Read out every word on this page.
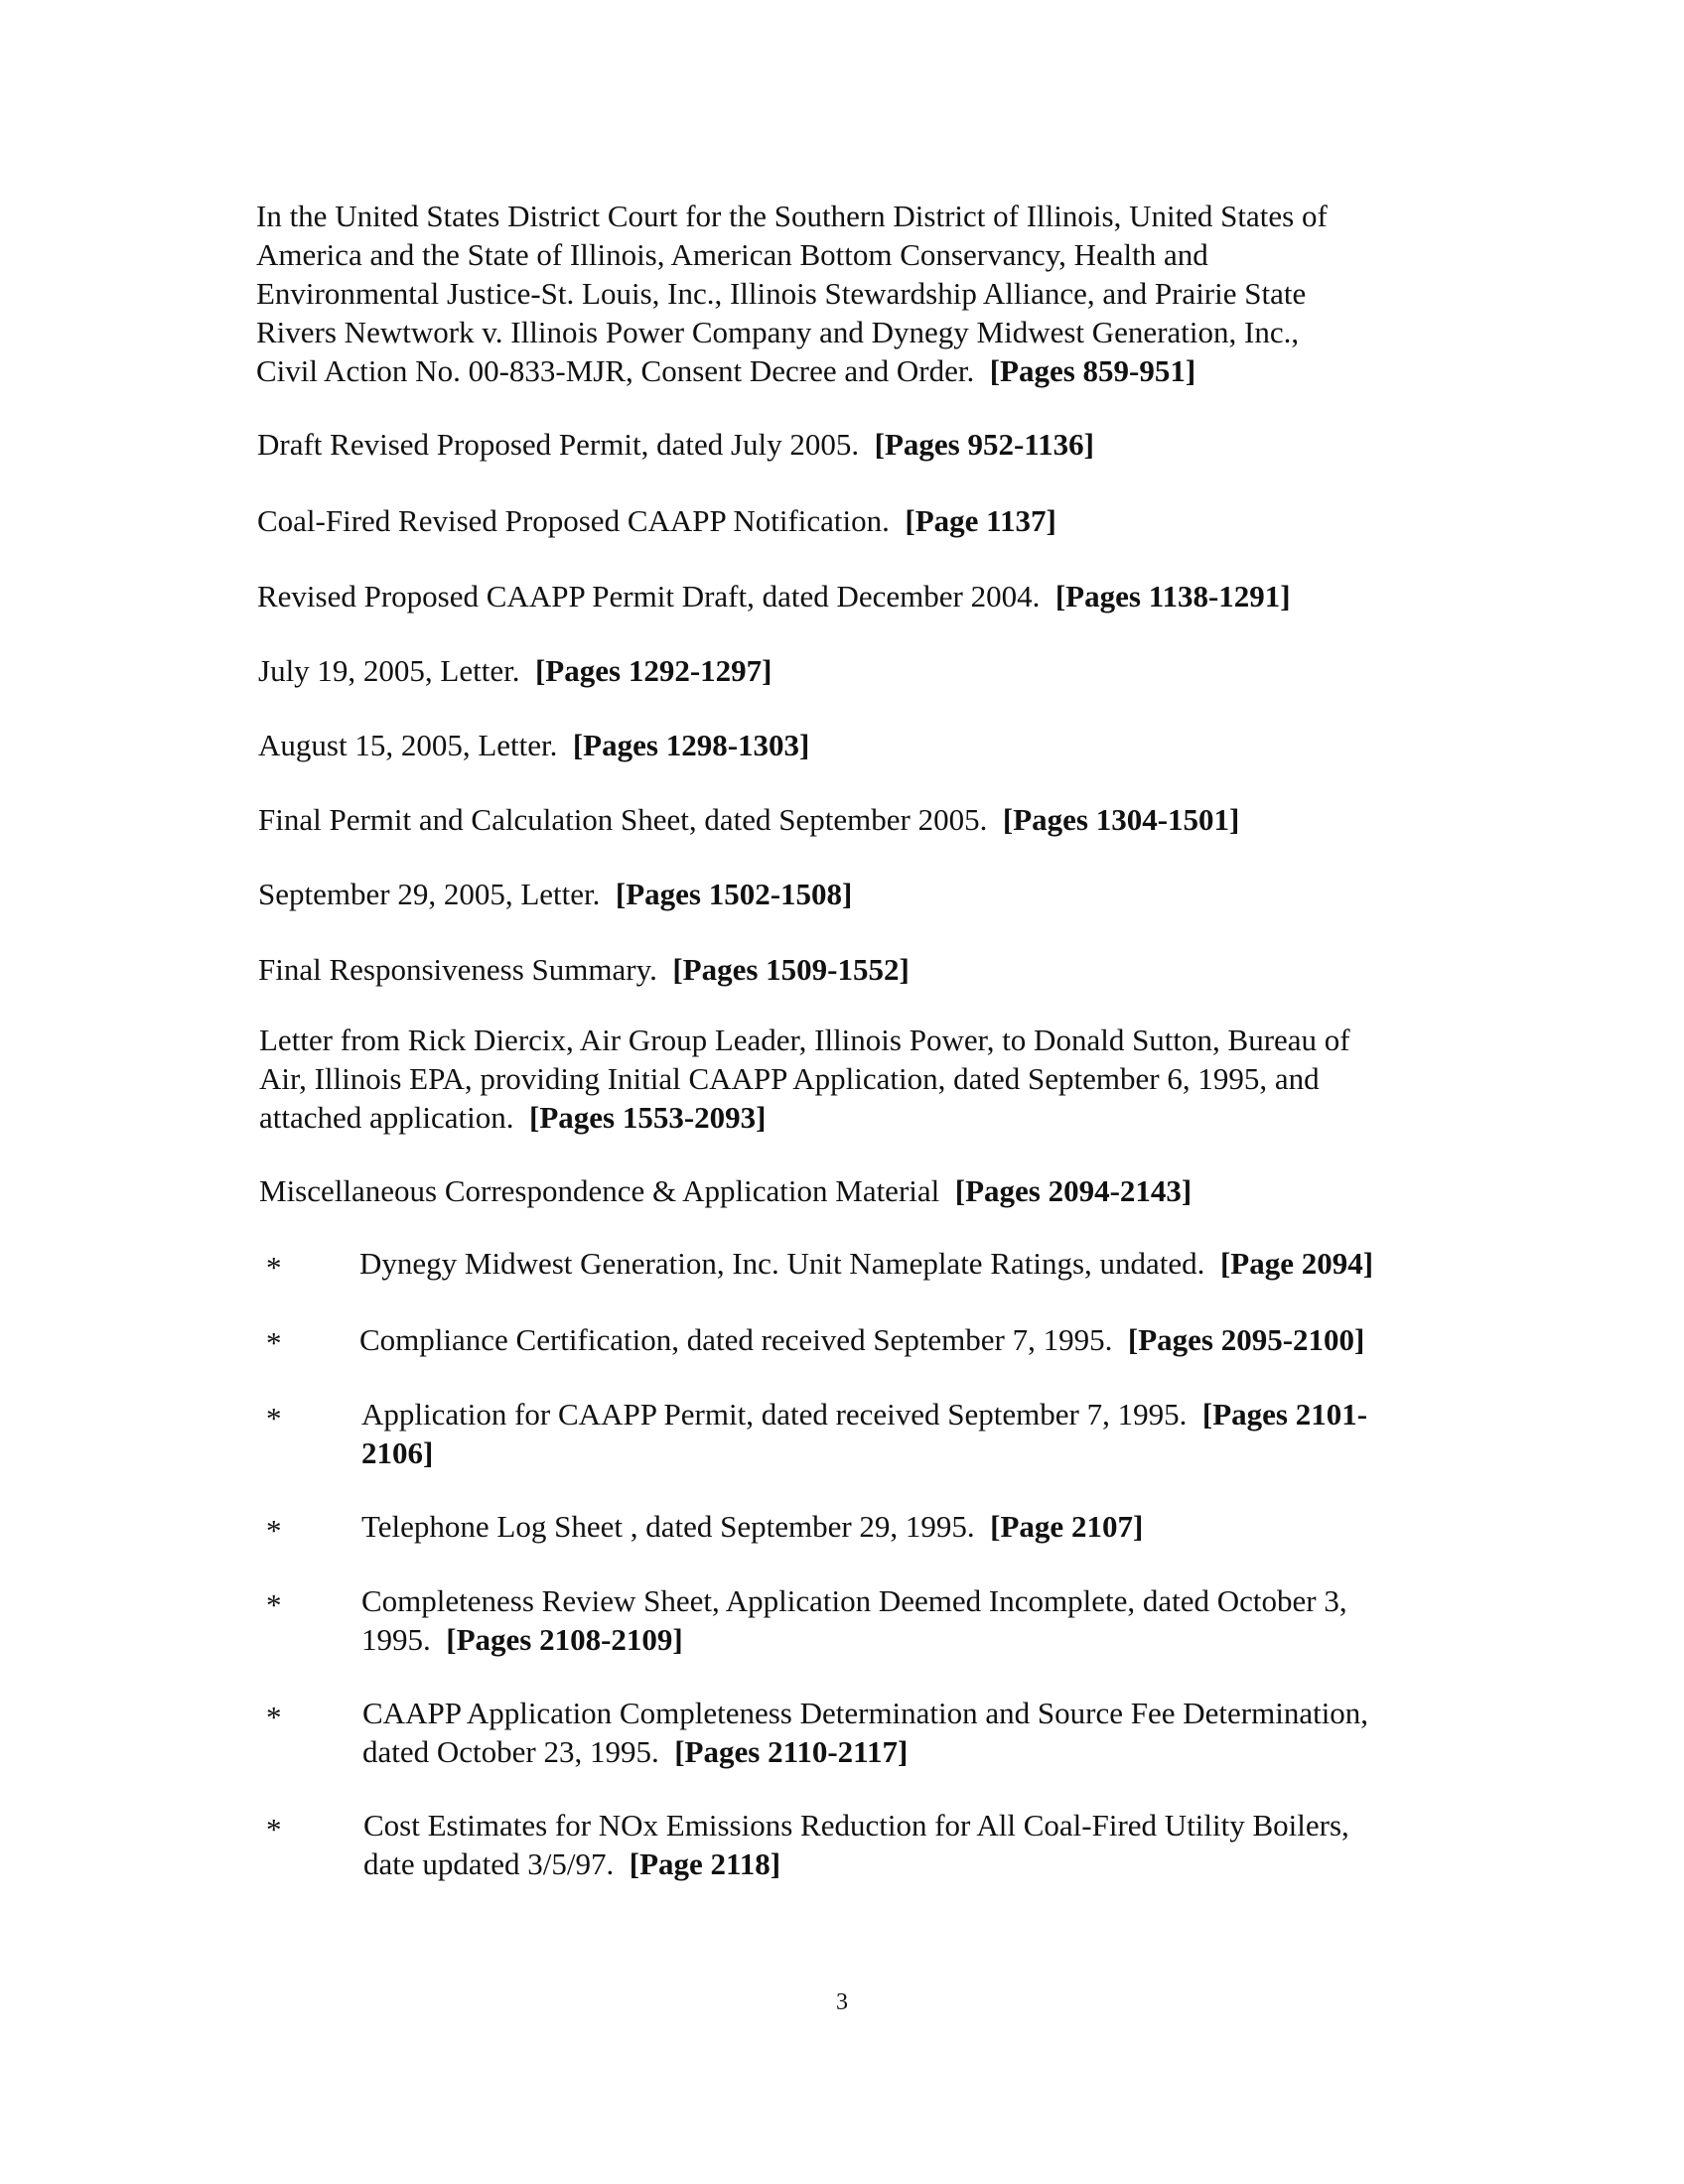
In the United States District Court for the Southern District of Illinois, United States of
America and the State of Illinois, American Bottom Conservancy, Health and
Environmental Justice-St. Louis, Inc., Illinois Stewardship Alliance, and Prairie State
Rivers Newtwork v. Illinois Power Company and Dynegy Midwest Generation, Inc.,
Civil Action No. 00-833-MJR, Consent Decree and Order. [Pages 859-951]
Draft Revised Proposed Permit, dated July 2005. [Pages 952-1136]
Coal-Fired Revised Proposed CAAPP Notification. [Page 1137]
Revised Proposed CAAPP Permit Draft, dated December 2004. [Pages 1138-1291]
July 19, 2005, Letter. [Pages 1292-1297]
August 15, 2005, Letter. [Pages 1298-1303]
Final Permit and Calculation Sheet, dated September 2005. [Pages 1304-1501]
September 29, 2005, Letter. [Pages 1502-1508]
Final Responsiveness Summary. [Pages 1509-1552]
Letter from Rick Diercix, Air Group Leader, Illinois Power, to Donald Sutton, Bureau of
Air, Illinois EPA, providing Initial CAAPP Application, dated September 6, 1995, and
attached application. [Pages 1553-2093]
Miscellaneous Correspondence & Application Material [Pages 2094-2143]
*	Dynegy Midwest Generation, Inc. Unit Nameplate Ratings, undated. [Page 2094]
*	Compliance Certification, dated received September 7, 1995. [Pages 2095-2100]
*	Application for CAAPP Permit, dated received September 7, 1995. [Pages 2101-
2106]
*	Telephone Log Sheet , dated September 29, 1995. [Page 2107]
*	Completeness Review Sheet, Application Deemed Incomplete, dated October 3,
1995. [Pages 2108-2109]
*	CAAPP Application Completeness Determination and Source Fee Determination,
dated October 23, 1995. [Pages 2110-2117]
*	Cost Estimates for NOx Emissions Reduction for All Coal-Fired Utility Boilers,
date updated 3/5/97. [Page 2118]
3
